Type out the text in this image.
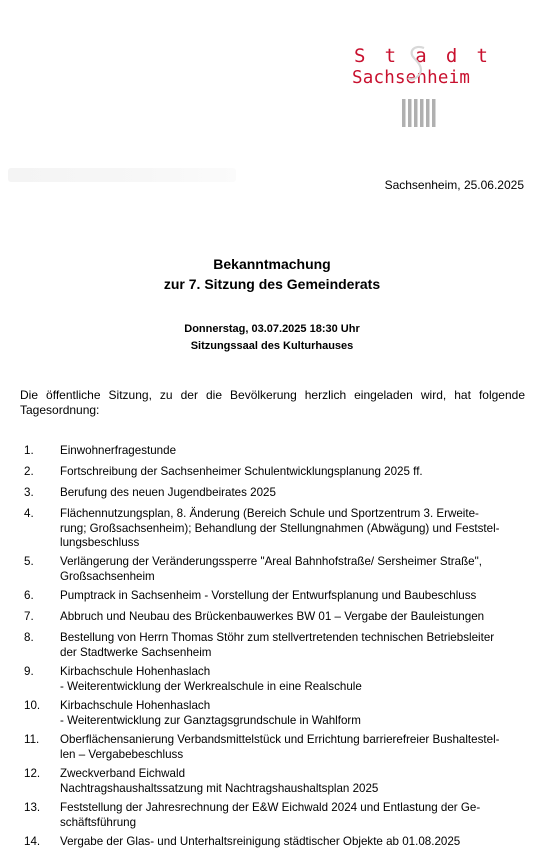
S t a d t
Sachsenheim
Sachsenheim, 25.06.2025
Bekanntmachung
zur 7. Sitzung des Gemeinderats
Donnerstag, 03.07.2025 18:30 Uhr
Sitzungssaal des Kulturhauses
Die öffentliche Sitzung, zu der die Bevölkerung herzlich eingeladen wird, hat folgende Tagesordnung:
1. Einwohnerfragestunde
2. Fortschreibung der Sachsenheimer Schulentwicklungsplanung 2025 ff.
3. Berufung des neuen Jugendbeirates 2025
4. Flächennutzungsplan, 8. Änderung (Bereich Schule und Sportzentrum 3. Erweite-
rung; Großsachsenheim); Behandlung der Stellungnahmen (Abwägung) und Feststel-
lungsbeschluss
5. Verlängerung der Veränderungssperre "Areal Bahnhofstraße/ Sersheimer Straße",
Großsachsenheim
6. Pumptrack in Sachsenheim - Vorstellung der Entwurfsplanung und Baubeschluss
7. Abbruch und Neubau des Brückenbauwerkes BW 01 – Vergabe der Bauleistungen
8. Bestellung von Herrn Thomas Stöhr zum stellvertretenden technischen Betriebsleiter
der Stadtwerke Sachsenheim
9. Kirbachschule Hohenhaslach
- Weiterentwicklung der Werkrealschule in eine Realschule
10. Kirbachschule Hohenhaslach
- Weiterentwicklung zur Ganztagsgrundschule in Wahlform
11. Oberflächensanierung Verbandsmittelstück und Errichtung barrierefreier Bushaltestel-
len – Vergabebeschluss
12. Zweckverband Eichwald
Nachtragshaushaltssatzung mit Nachtragshaushaltsplan 2025
13. Feststellung der Jahresrechnung der E&W Eichwald 2024 und Entlastung der Ge-
schäftsführung
14. Vergabe der Glas- und Unterhaltsreinigung städtischer Objekte ab 01.08.2025
